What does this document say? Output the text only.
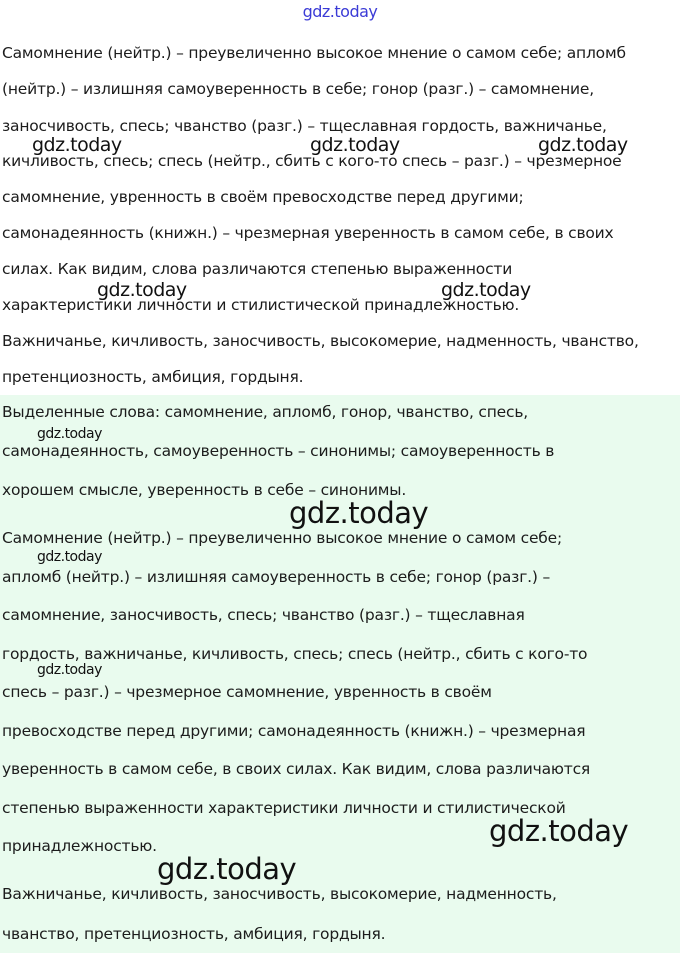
gdz.today
Самомнение (нейтр.) – преувеличенно высокое мнение о самом себе; апломб
(нейтр.) – излишняя самоуверенность в себе; гонор (разг.) – самомнение,
заносчивость, спесь; чванство (разг.) – тщеславная гордость, важничанье,
кичливость, спесь; спесь (нейтр., сбить с кого-то спесь – разг.) – чрезмерное
самомнение, увренность в своём превосходстве перед другими;
самонадеянность (книжн.) – чрезмерная уверенность в самом себе, в своих
силах. Как видим, слова различаются степенью выраженности
характеристики личности и стилистической принадлежностью.
Важничанье, кичливость, заносчивость, высокомерие, надменность, чванство,
претенциозность, амбиция, гордыня.
Выделенные слова: самомнение, апломб, гонор, чванство, спесь,
самонадеянность, самоуверенность – синонимы; самоуверенность в
хорошем смысле, уверенность в себе – синонимы.
Самомнение (нейтр.) – преувеличенно высокое мнение о самом себе;
апломб (нейтр.) – излишняя самоуверенность в себе; гонор (разг.) –
самомнение, заносчивость, спесь; чванство (разг.) – тщеславная
гордость, важничанье, кичливость, спесь; спесь (нейтр., сбить с кого-то
спесь – разг.) – чрезмерное самомнение, увренность в своём
превосходстве перед другими; самонадеянность (книжн.) – чрезмерная
уверенность в самом себе, в своих силах. Как видим, слова различаются
степенью выраженности характеристики личности и стилистической
принадлежностью.
Важничанье, кичливость, заносчивость, высокомерие, надменность,
чванство, претенциозность, амбиция, гордыня.
gdz.today	gdz.today	gdz.today
gdz.today	gdz.today
gdz.today
gdz.today
gdz.today
gdz.today
gdz.today
gdz.today
